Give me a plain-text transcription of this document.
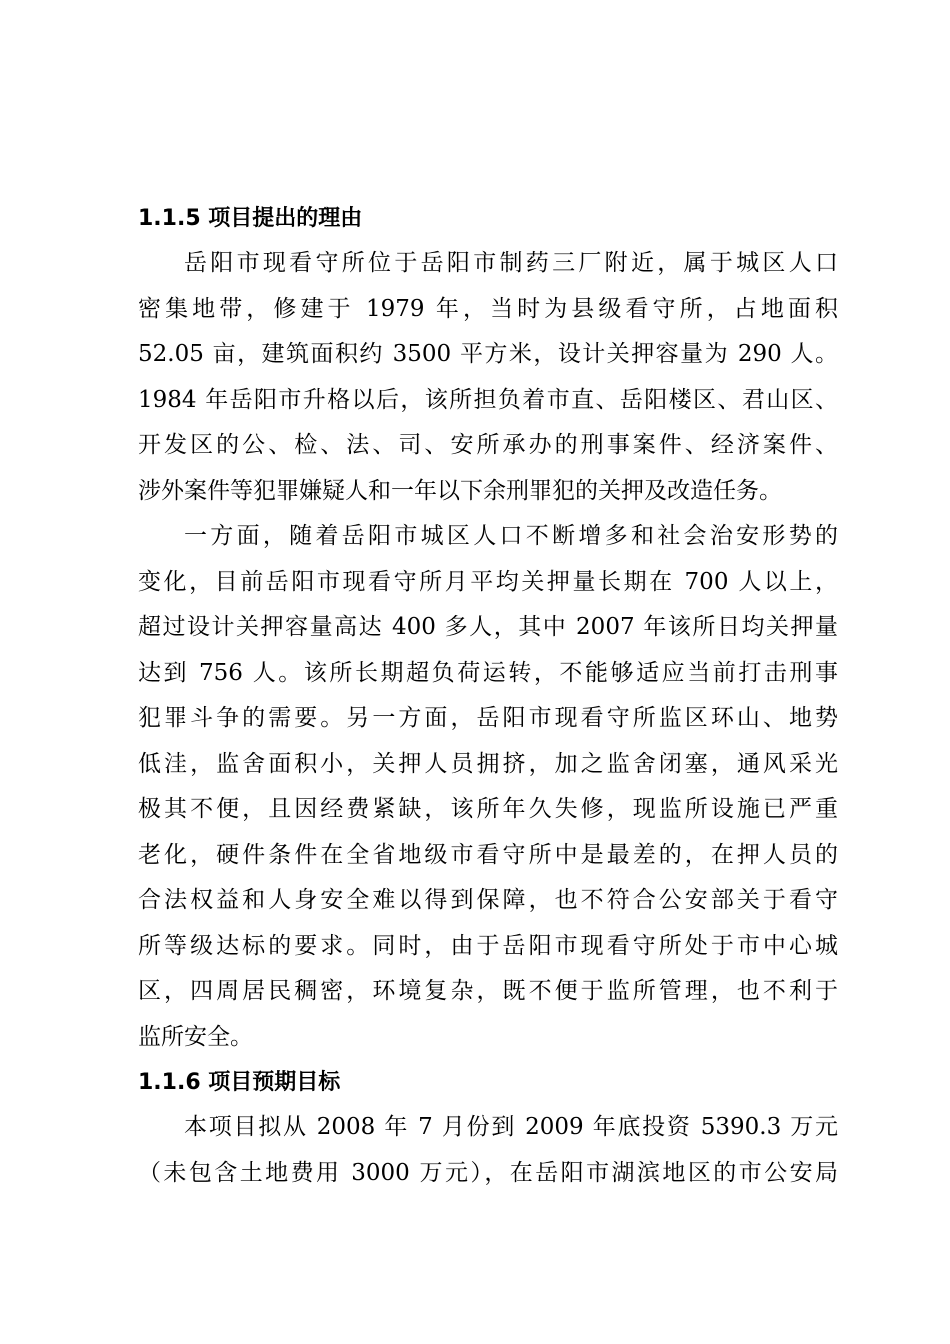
1.1.5 项目提出的理由

岳阳市现看守所位于岳阳市制药三厂附近，属于城区人口
密集地带，修建于 1979 年，当时为县级看守所，占地面积
52.05 亩，建筑面积约 3500 平方米，设计关押容量为 290 人。
1984 年岳阳市升格以后，该所担负着市直、岳阳楼区、君山区、
开发区的公、检、法、司、安所承办的刑事案件、经济案件、
涉外案件等犯罪嫌疑人和一年以下余刑罪犯的关押及改造任务。

一方面，随着岳阳市城区人口不断增多和社会治安形势的
变化，目前岳阳市现看守所月平均关押量长期在 700 人以上，
超过设计关押容量高达 400 多人，其中 2007 年该所日均关押量
达到 756 人。该所长期超负荷运转，不能够适应当前打击刑事
犯罪斗争的需要。另一方面，岳阳市现看守所监区环山、地势
低洼，监舍面积小，关押人员拥挤，加之监舍闭塞，通风采光
极其不便，且因经费紧缺，该所年久失修，现监所设施已严重
老化，硬件条件在全省地级市看守所中是最差的，在押人员的
合法权益和人身安全难以得到保障，也不符合公安部关于看守
所等级达标的要求。同时，由于岳阳市现看守所处于市中心城
区，四周居民稠密，环境复杂，既不便于监所管理，也不利于
监所安全。

1.1.6 项目预期目标

本项目拟从 2008 年 7 月份到 2009 年底投资 5390.3 万元
（未包含土地费用 3000 万元），在岳阳市湖滨地区的市公安局
